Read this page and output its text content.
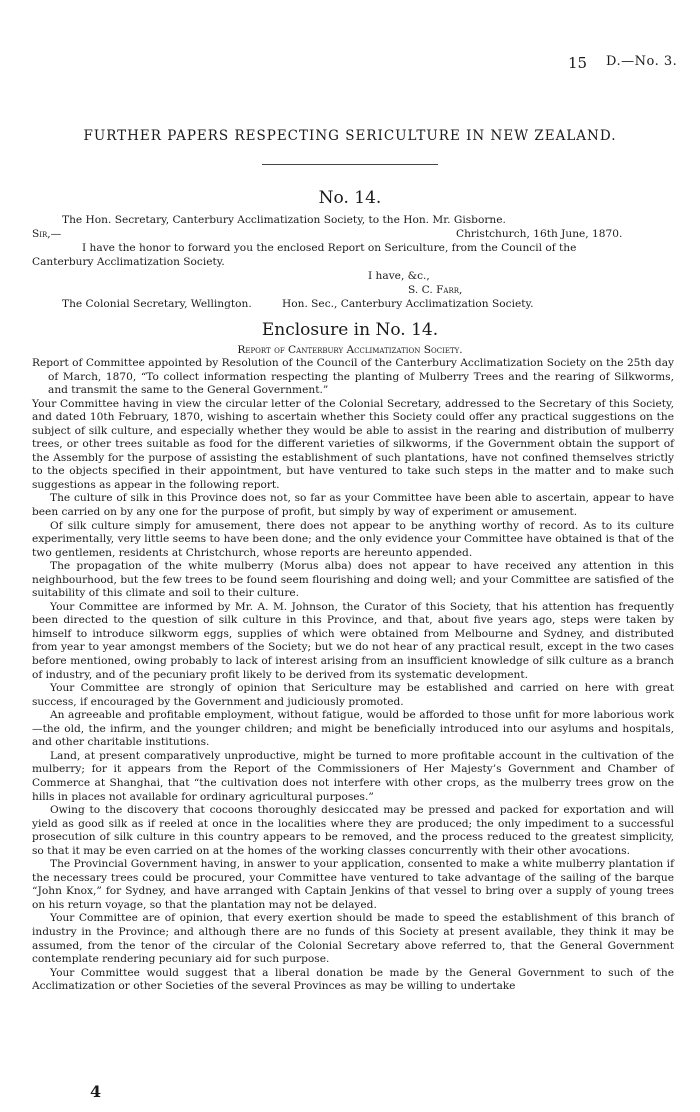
15 D.—No. 3.
FURTHER PAPERS RESPECTING SERICULTURE IN NEW ZEALAND.
No. 14.
The Hon. Secretary, Canterbury Acclimatization Society, to the Hon. Mr. Gisborne.
Sir,—	Christchurch, 16th June, 1870.
I have the honor to forward you the enclosed Report on Sericulture, from the Council of the
Canterbury Acclimatization Society.
I have, &c.,
S. C. Farr,
The Colonial Secretary, Wellington.	Hon. Sec., Canterbury Acclimatization Society.
Enclosure in No. 14.
Report of Canterbury Acclimatization Society.

Report of Committee appointed by Resolution of the Council of the Canterbury Acclimatization Society on the 25th day of March, 1870, “To collect information respecting the planting of Mulberry Trees and the rearing of Silkworms, and transmit the same to the General Government.”

Your Committee having in view the circular letter of the Colonial Secretary, addressed to the Secretary of this Society, and dated 10th February, 1870, wishing to ascertain whether this Society could offer any practical suggestions on the subject of silk culture, and especially whether they would be able to assist in the rearing and distribution of mulberry trees, or other trees suitable as food for the different varieties of silkworms, if the Government obtain the support of the Assembly for the purpose of assisting the establishment of such plantations, have not confined themselves strictly to the objects specified in their appointment, but have ventured to take such steps in the matter and to make such suggestions as appear in the following report.

The culture of silk in this Province does not, so far as your Committee have been able to ascertain, appear to have been carried on by any one for the purpose of profit, but simply by way of experiment or amusement.

Of silk culture simply for amusement, there does not appear to be anything worthy of record. As to its culture experimentally, very little seems to have been done; and the only evidence your Committee have obtained is that of the two gentlemen, residents at Christchurch, whose reports are hereunto appended.

The propagation of the white mulberry (Morus alba) does not appear to have received any attention in this neighbourhood, but the few trees to be found seem flourishing and doing well; and your Committee are satisfied of the suitability of this climate and soil to their culture.

Your Committee are informed by Mr. A. M. Johnson, the Curator of this Society, that his attention has frequently been directed to the question of silk culture in this Province, and that, about five years ago, steps were taken by himself to introduce silkworm eggs, supplies of which were obtained from Melbourne and Sydney, and distributed from year to year amongst members of the Society; but we do not hear of any practical result, except in the two cases before mentioned, owing probably to lack of interest arising from an insufficient knowledge of silk culture as a branch of industry, and of the pecuniary profit likely to be derived from its systematic development.

Your Committee are strongly of opinion that Sericulture may be established and carried on here with great success, if encouraged by the Government and judiciously promoted.

An agreeable and profitable employment, without fatigue, would be afforded to those unfit for more laborious work—the old, the infirm, and the younger children; and might be beneficially introduced into our asylums and hospitals, and other charitable institutions.

Land, at present comparatively unproductive, might be turned to more profitable account in the cultivation of the mulberry; for it appears from the Report of the Commissioners of Her Majesty’s Government and Chamber of Commerce at Shanghai, that “the cultivation does not interfere with other crops, as the mulberry trees grow on the hills in places not available for ordinary agricultural purposes.”

Owing to the discovery that cocoons thoroughly desiccated may be pressed and packed for exportation and will yield as good silk as if reeled at once in the localities where they are produced; the only impediment to a successful prosecution of silk culture in this country appears to be removed, and the process reduced to the greatest simplicity, so that it may be even carried on at the homes of the working classes concurrently with their other avocations.

The Provincial Government having, in answer to your application, consented to make a white mulberry plantation if the necessary trees could be procured, your Committee have ventured to take advantage of the sailing of the barque “John Knox,” for Sydney, and have arranged with Captain Jenkins of that vessel to bring over a supply of young trees on his return voyage, so that the plantation may not be delayed.

Your Committee are of opinion, that every exertion should be made to speed the establishment of this branch of industry in the Province; and although there are no funds of this Society at present available, they think it may be assumed, from the tenor of the circular of the Colonial Secretary above referred to, that the General Government contemplate rendering pecuniary aid for such purpose.

Your Committee would suggest that a liberal donation be made by the General Government to such of the Acclimatization or other Societies of the several Provinces as may be willing to undertake

4
